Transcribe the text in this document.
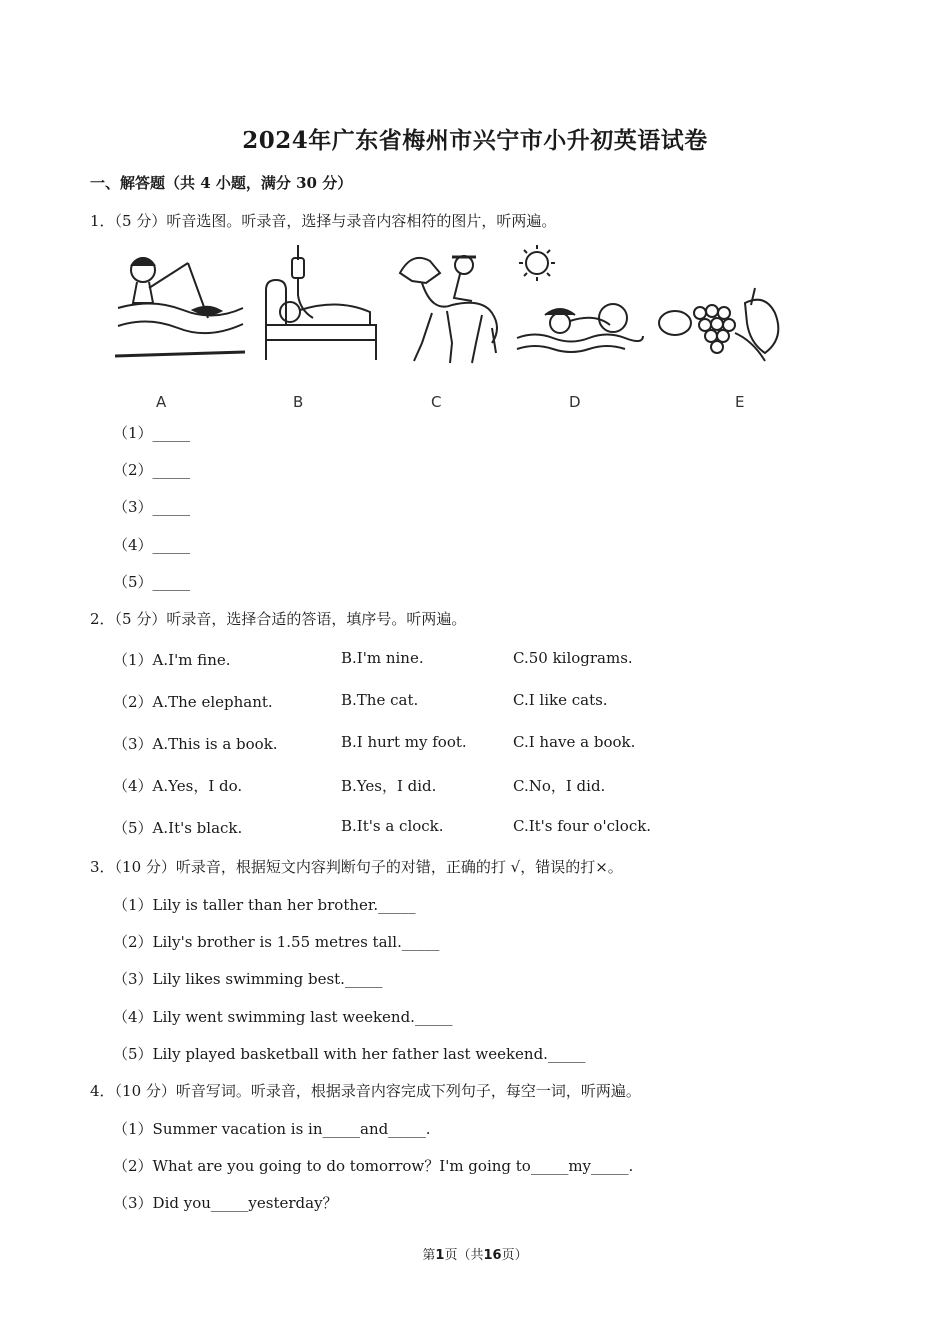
2024年广东省梅州市兴宁市小升初英语试卷
一、解答题（共 4 小题，满分 30 分）
1．（5 分）听音选图。听录音，选择与录音内容相符的图片，听两遍。
A	B	C	D	E
（1）_____
（2）_____
（3）_____
（4）_____
（5）_____
2．（5 分）听录音，选择合适的答语，填序号。听两遍。
（1）A.I'm fine.	B.I'm nine.	C.50 kilograms.
（2）A.The elephant.	B.The cat.	C.I like cats.
（3）A.This is a book.	B.I hurt my foot.	C.I have a book.
（4）A.Yes，I do.	B.Yes，I did.	C.No，I did.
（5）A.It's black.	B.It's a clock.	C.It's four o'clock.
3．（10 分）听录音，根据短文内容判断句子的对错，正确的打 √，错误的打×。
（1）Lily is taller than her brother._____
（2）Lily's brother is 1.55 metres tall._____
（3）Lily likes swimming best._____
（4）Lily went swimming last weekend._____
（5）Lily played basketball with her father last weekend._____
4．（10 分）听音写词。听录音，根据录音内容完成下列句子，每空一词，听两遍。
（1）Summer vacation is in_____and_____.
（2）What are you going to do tomorrow？I'm going to_____my_____.
（3）Did you_____yesterday？
第1页（共16页）
